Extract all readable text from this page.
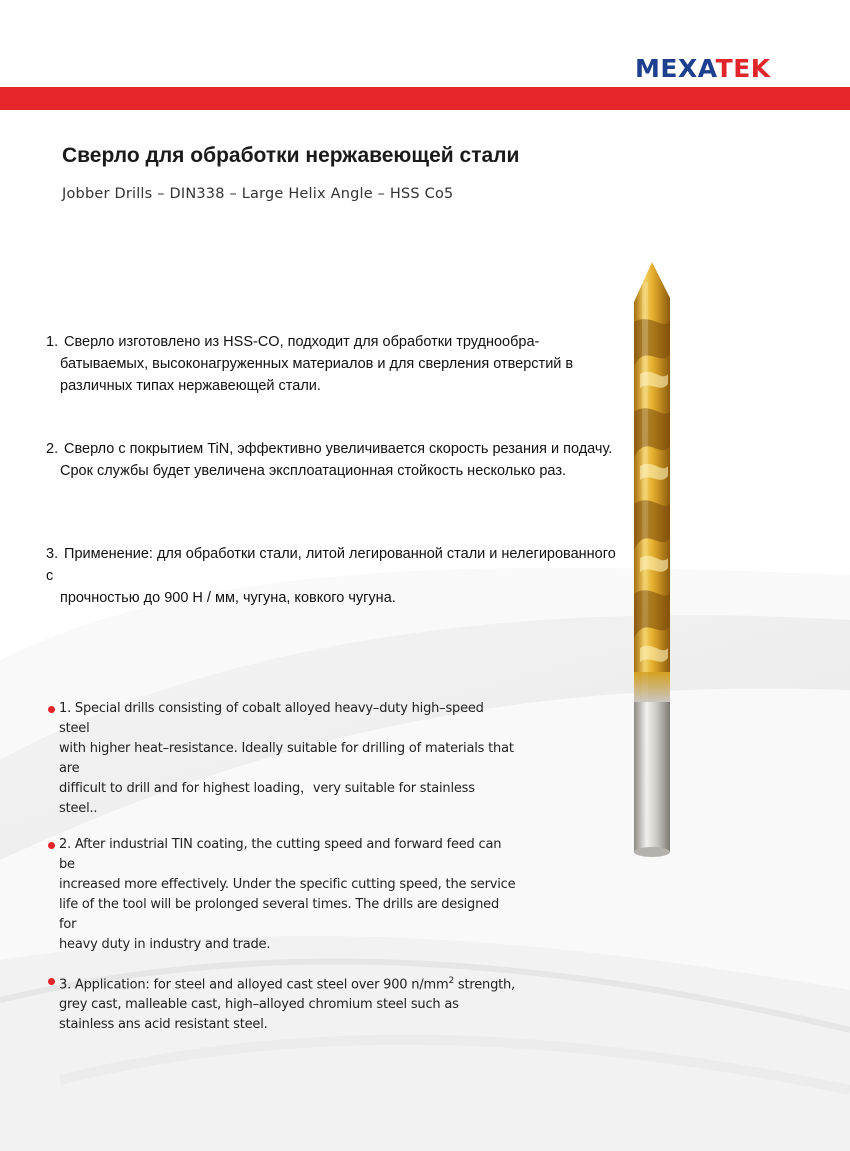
MEXATEK
Сверло для обработки нержавеющей стали

Jobber Drills – DIN338 – Large Helix Angle – HSS Co5

1. Сверло изготовлено из HSS-CO, подходит для обработки труднообра-
батываемых, высоконагруженных материалов и для сверления отверстий в
различных типах нержавеющей стали.

2. Сверло с покрытием TiN, эффективно увеличивается скорость резания и подачу.
Срок службы будет увеличена эксплоатационная стойкость несколько раз.

3. Применение: для обработки стали, литой легированной стали и нелегированного с
прочностью до 900 Н / мм, чугуна, ковкого чугуна.

1. Special drills consisting of cobalt alloyed heavy–duty high–speed steel
with higher heat–resistance. Ideally suitable for drilling of materials that are
difficult to drill and for highest loading，very suitable for stainless steel..

2. After industrial TIN coating, the cutting speed and forward feed can be
increased more effectively. Under the specific cutting speed, the service
life of the tool will be prolonged several times. The drills are designed for
heavy duty in industry and trade.

3. Application: for steel and alloyed cast steel over 900 $n/mm^2$ strength,
grey cast, malleable cast, high–alloyed chromium steel such as
stainless ans acid resistant steel.
